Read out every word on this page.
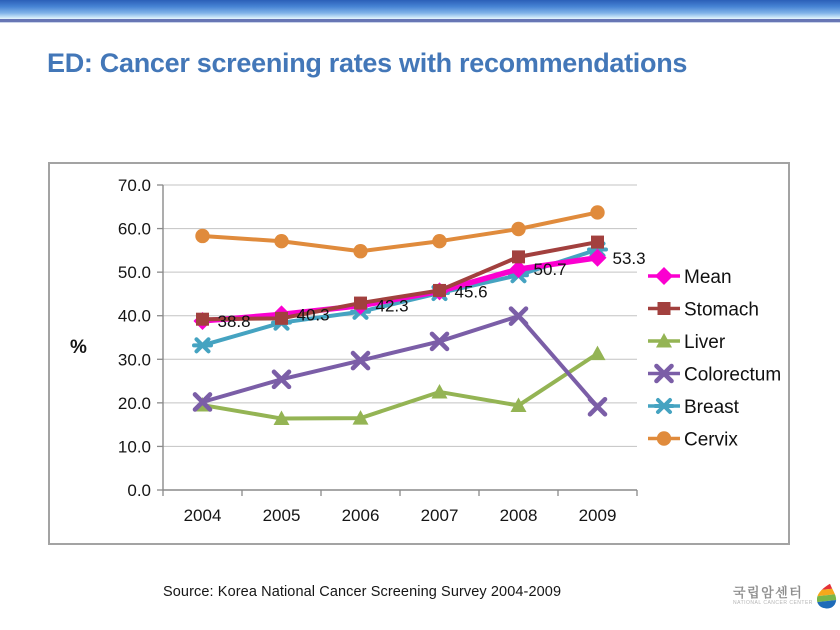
ED: Cancer screening rates with recommendations
0.0
10.0
20.0
30.0
40.0
50.0
60.0
70.0
2004 2005 2006 2007 2008 2009
%
38.8	40.3	42.3
45.6
50.7
53.3
Mean
Stomach
Liver
Colorectum
Breast
Cervix
Source: Korea National Cancer Screening Survey 2004-2009	국립암센터
NATIONAL CANCER CENTER
